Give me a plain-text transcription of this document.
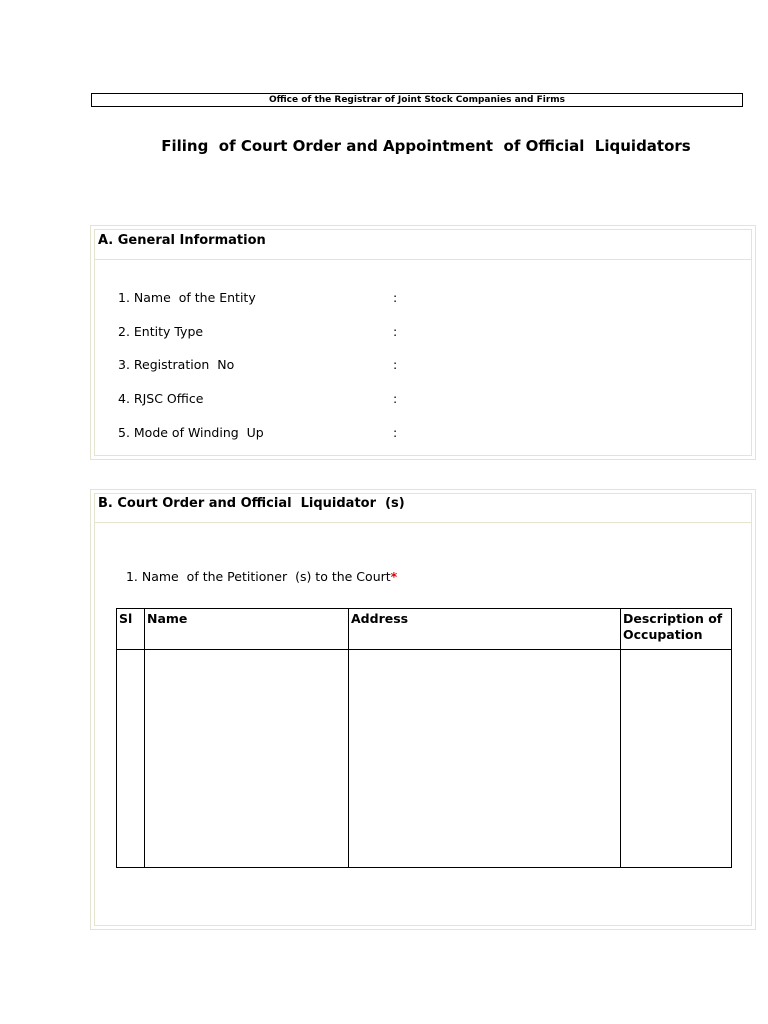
Office of the Registrar of Joint Stock Companies and Firms
Filing  of Court Order and Appointment  of Official  Liquidators
A. General Information
1. Name  of the Entity	:
2. Entity Type	:
3. Registration  No	:
4. RJSC Office	:
5. Mode of Winding  Up	:
B. Court Order and Official  Liquidator  (s)

1. Name  of the Petitioner  (s) to the Court*

Sl	Name	Address	Description of Occupation
